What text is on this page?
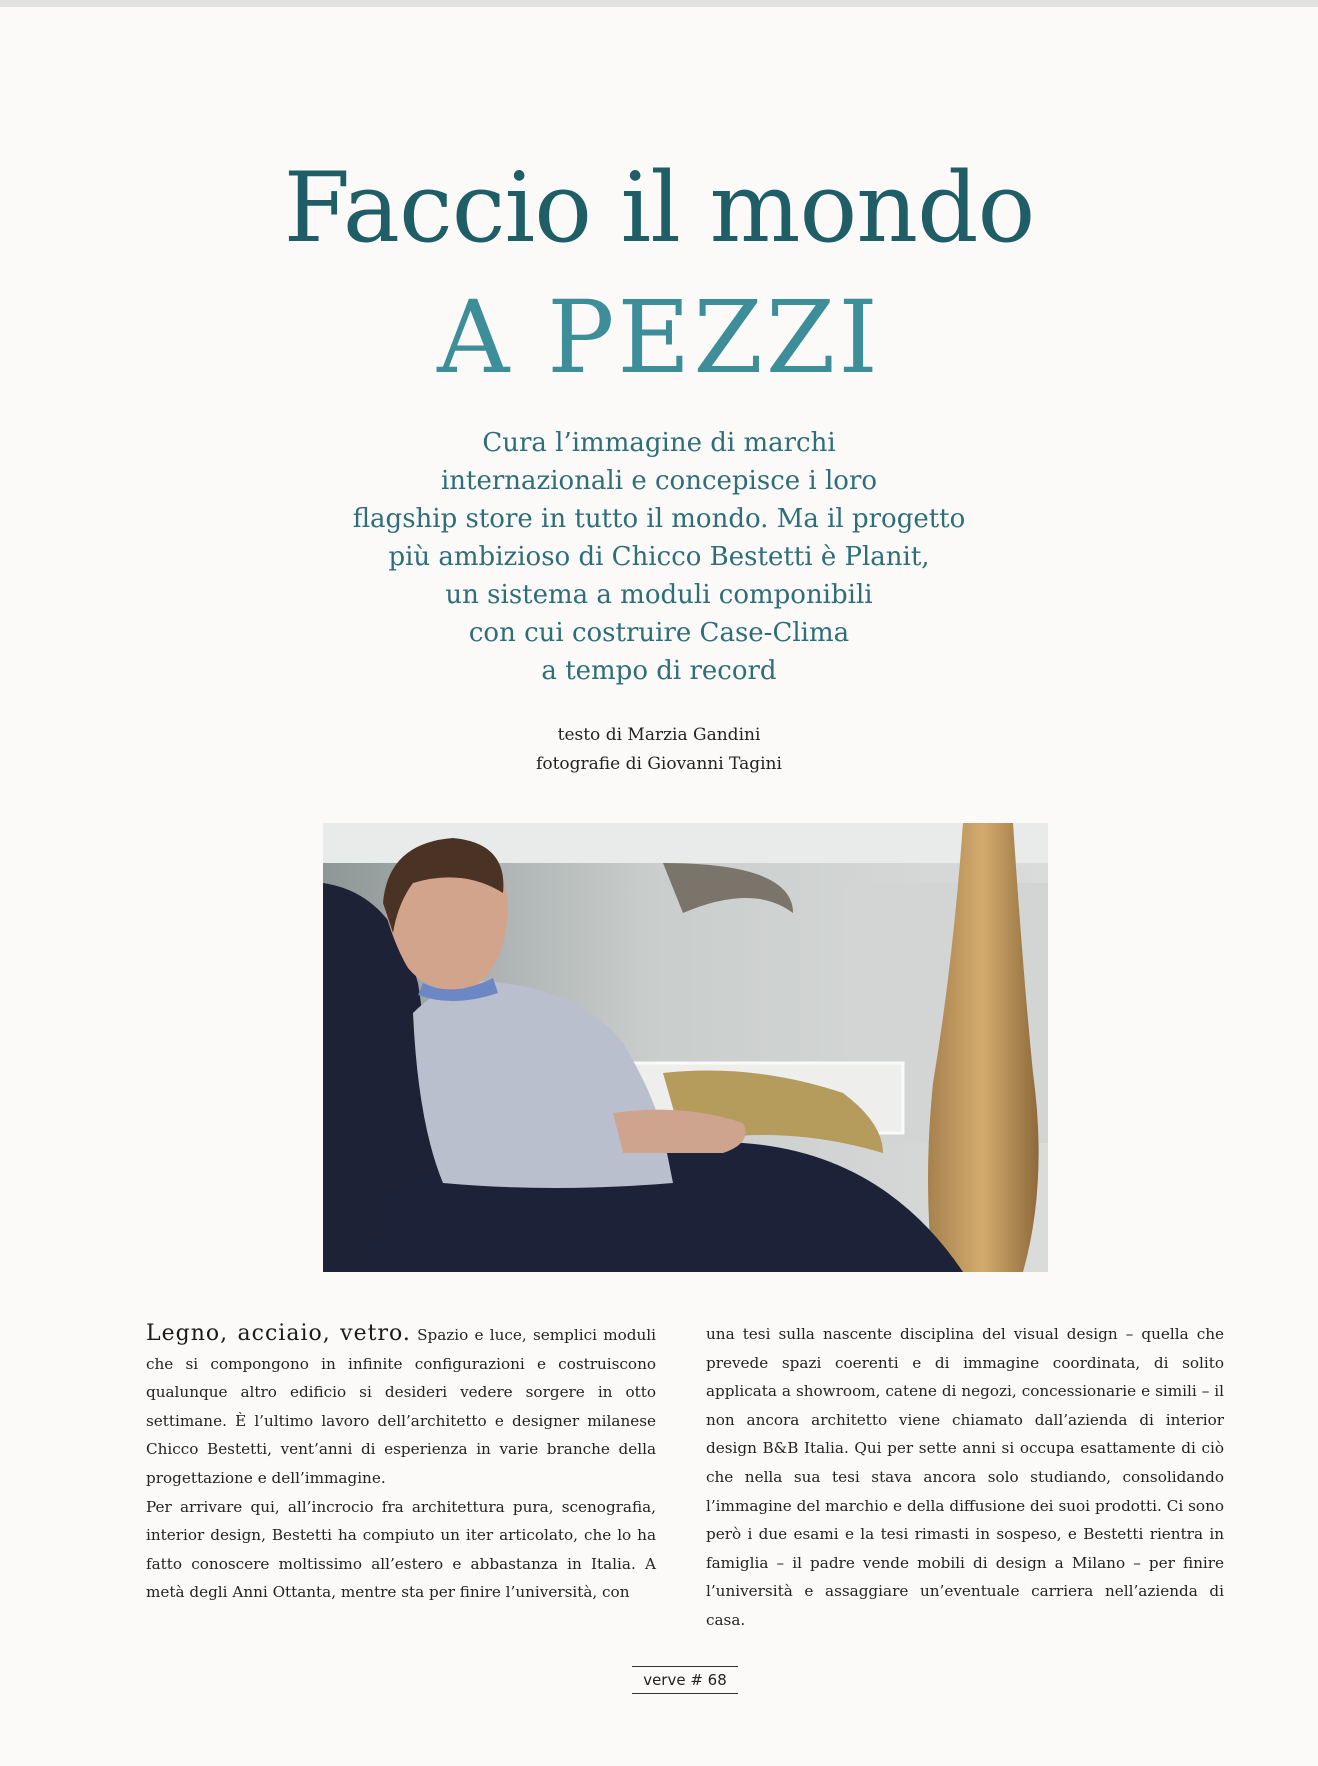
Faccio il mondo
A PEZZI
Cura l’immagine di marchi
internazionali e concepisce i loro
flagship store in tutto il mondo. Ma il progetto
più ambizioso di Chicco Bestetti è Planit,
un sistema a moduli componibili
con cui costruire Case-Clima
a tempo di record
testo di Marzia Gandini
fotografie di Giovanni Tagini

Legno, acciaio, vetro. Spazio e luce, semplici moduli che si compongono in infinite configurazioni e costruiscono qualunque altro edificio si desideri vedere sorgere in otto settimane. È l’ultimo lavoro dell’architetto e designer milanese Chicco Bestetti, vent’anni di esperienza in varie branche della progettazione e dell’immagine.

Per arrivare qui, all’incrocio fra architettura pura, scenografia, interior design, Bestetti ha compiuto un iter articolato, che lo ha fatto conoscere moltissimo all’estero e abbastanza in Italia. A metà degli Anni Ottanta, mentre sta per finire l’università, con

una tesi sulla nascente disciplina del visual design – quella che prevede spazi coerenti e di immagine coordinata, di solito applicata a showroom, catene di negozi, concessionarie e simili – il non ancora architetto viene chiamato dall’azienda di interior design B&B Italia. Qui per sette anni si occupa esattamente di ciò che nella sua tesi stava ancora solo studiando, consolidando l’immagine del marchio e della diffusione dei suoi prodotti. Ci sono però i due esami e la tesi rimasti in sospeso, e Bestetti rientra in famiglia – il padre vende mobili di design a Milano – per finire l’università e assaggiare un’eventuale carriera nell’azienda di casa.

verve # 68
